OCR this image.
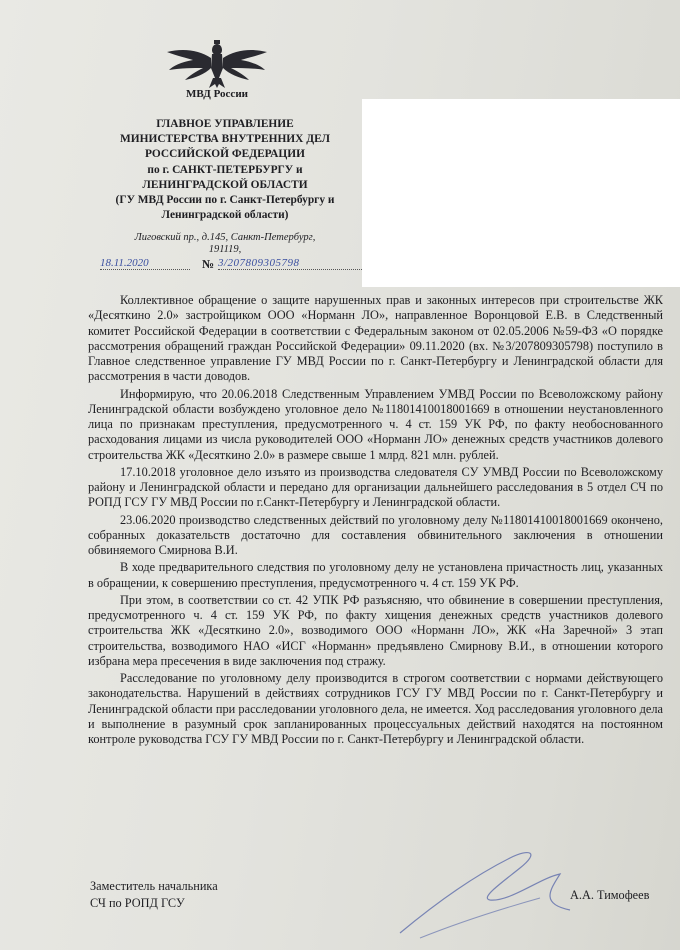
МВД России
ГЛАВНОЕ УПРАВЛЕНИЕ
МИНИСТЕРСТВА ВНУТРЕННИХ ДЕЛ
РОССИЙСКОЙ ФЕДЕРАЦИИ
по г. САНКТ-ПЕТЕРБУРГУ и
ЛЕНИНГРАДСКОЙ ОБЛАСТИ
(ГУ МВД России по г. Санкт-Петербургу и
Ленинградской области)
Лиговский пр., д.145, Санкт-Петербург,
191119,
18.11.2020	№ 3/207809305798

Коллективное обращение о защите нарушенных прав и законных интересов при строительстве ЖК «Десяткино 2.0» застройщиком ООО «Норманн ЛО», направленное Воронцовой Е.В. в Следственный комитет Российской Федерации в соответствии с Федеральным законом от 02.05.2006 №59-ФЗ «О порядке рассмотрения обращений граждан Российской Федерации» 09.11.2020 (вх. №3/207809305798) поступило в Главное следственное управление ГУ МВД России по г. Санкт-Петербургу и Ленинградской области для рассмотрения в части доводов.

Информирую, что 20.06.2018 Следственным Управлением УМВД России по Всеволожскому району Ленинградской области возбуждено уголовное дело №11801410018001669 в отношении неустановленного лица по признакам преступления, предусмотренного ч. 4 ст. 159 УК РФ, по факту необоснованного расходования лицами из числа руководителей ООО «Норманн ЛО» денежных средств участников долевого строительства ЖК «Десяткино 2.0» в размере свыше 1 млрд. 821 млн. рублей.

17.10.2018 уголовное дело изъято из производства следователя СУ УМВД России по Всеволожскому району и Ленинградской области и передано для организации дальнейшего расследования в 5 отдел СЧ по РОПД ГСУ ГУ МВД России по г.Санкт-Петербургу и Ленинградской области.

23.06.2020 производство следственных действий по уголовному делу №11801410018001669 окончено, собранных доказательств достаточно для составления обвинительного заключения в отношении обвиняемого Смирнова В.И.

В ходе предварительного следствия по уголовному делу не установлена причастность лиц, указанных в обращении, к совершению преступления, предусмотренного ч. 4 ст. 159 УК РФ.

При этом, в соответствии со ст. 42 УПК РФ разъясняю, что обвинение в совершении преступления, предусмотренного ч. 4 ст. 159 УК РФ, по факту хищения денежных средств участников долевого строительства ЖК «Десяткино 2.0», возводимого ООО «Норманн ЛО», ЖК «На Заречной» 3 этап строительства, возводимого НАО «ИСГ «Норманн» предъявлено Смирнову В.И., в отношении которого избрана мера пресечения в виде заключения под стражу.

Расследование по уголовному делу производится в строгом соответствии с нормами действующего законодательства. Нарушений в действиях сотрудников ГСУ ГУ МВД России по г. Санкт-Петербургу и Ленинградской области при расследовании уголовного дела, не имеется. Ход расследования уголовного дела и выполнение в разумный срок запланированных процессуальных действий находятся на постоянном контроле руководства ГСУ ГУ МВД России по г. Санкт-Петербургу и Ленинградской области.

Заместитель начальника
СЧ по РОПД ГСУ
А.А. Тимофеев
